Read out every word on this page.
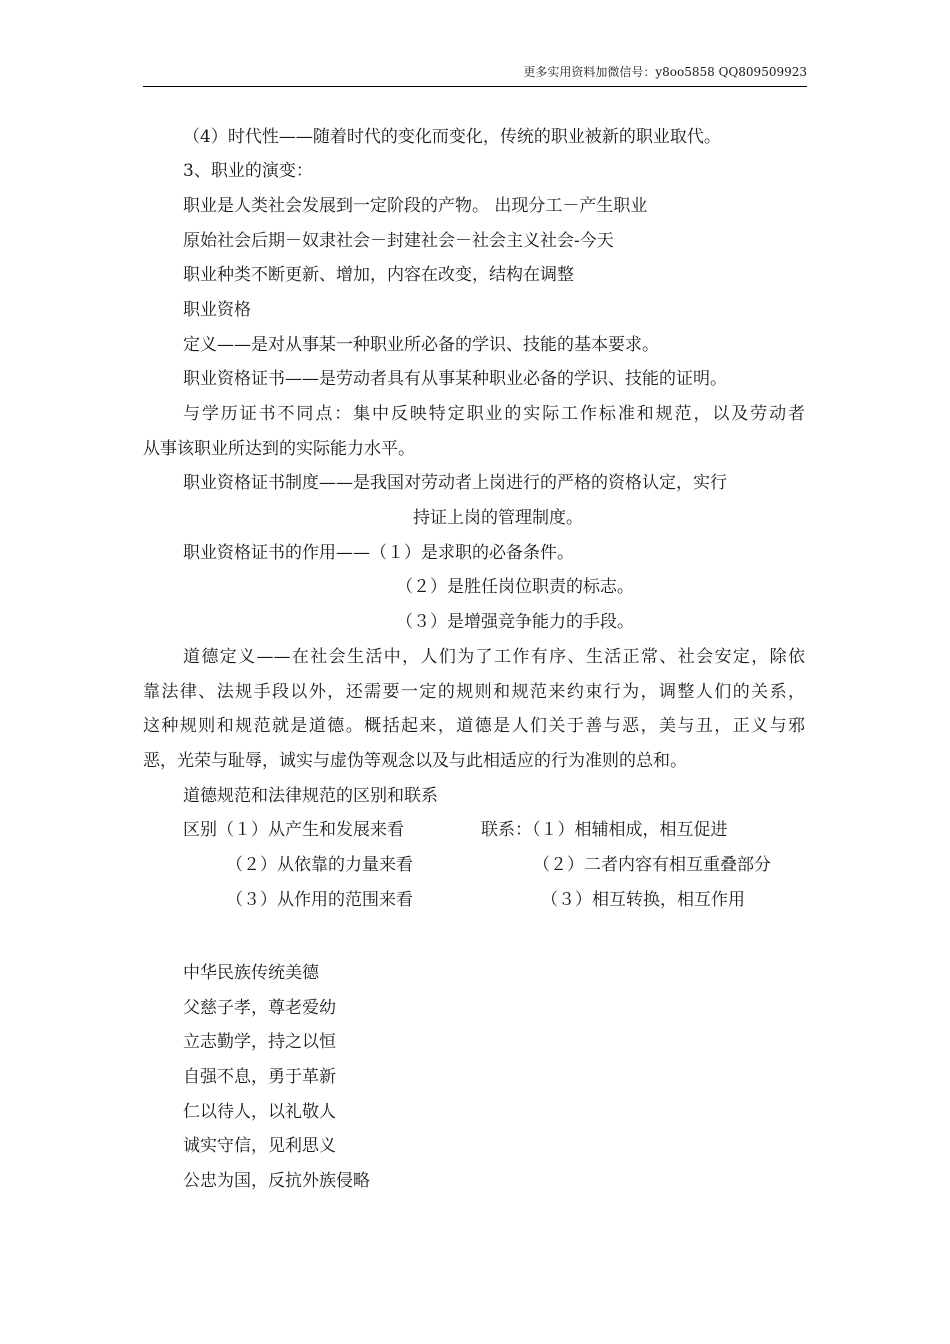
更多实用资料加微信号：y8oo5858 QQ809509923
（4）时代性——随着时代的变化而变化，传统的职业被新的职业取代。
3、职业的演变：
职业是人类社会发展到一定阶段的产物。 出现分工－产生职业
原始社会后期－奴隶社会－封建社会－社会主义社会-今天
职业种类不断更新、增加，内容在改变，结构在调整
职业资格
定义——是对从事某一种职业所必备的学识、技能的基本要求。
职业资格证书——是劳动者具有从事某种职业必备的学识、技能的证明。
与学历证书不同点：集中反映特定职业的实际工作标准和规范，以及劳动者
从事该职业所达到的实际能力水平。
职业资格证书制度——是我国对劳动者上岗进行的严格的资格认定，实行
持证上岗的管理制度。
职业资格证书的作用——（１）是求职的必备条件。
（２）是胜任岗位职责的标志。
（３）是增强竞争能力的手段。
道德定义——在社会生活中，人们为了工作有序、生活正常、社会安定，除依
靠法律、法规手段以外，还需要一定的规则和规范来约束行为，调整人们的关系，
这种规则和规范就是道德。概括起来，道德是人们关于善与恶，美与丑，正义与邪
恶，光荣与耻辱，诚实与虚伪等观念以及与此相适应的行为准则的总和。
道德规范和法律规范的区别和联系
区别（１）从产生和发展来看	联系：（１）相辅相成，相互促进
（２）从依靠的力量来看	（２）二者内容有相互重叠部分
（３）从作用的范围来看	（３）相互转换，相互作用
中华民族传统美德
父慈子孝，尊老爱幼
立志勤学，持之以恒
自强不息，勇于革新
仁以待人，以礼敬人
诚实守信，见利思义
公忠为国，反抗外族侵略
